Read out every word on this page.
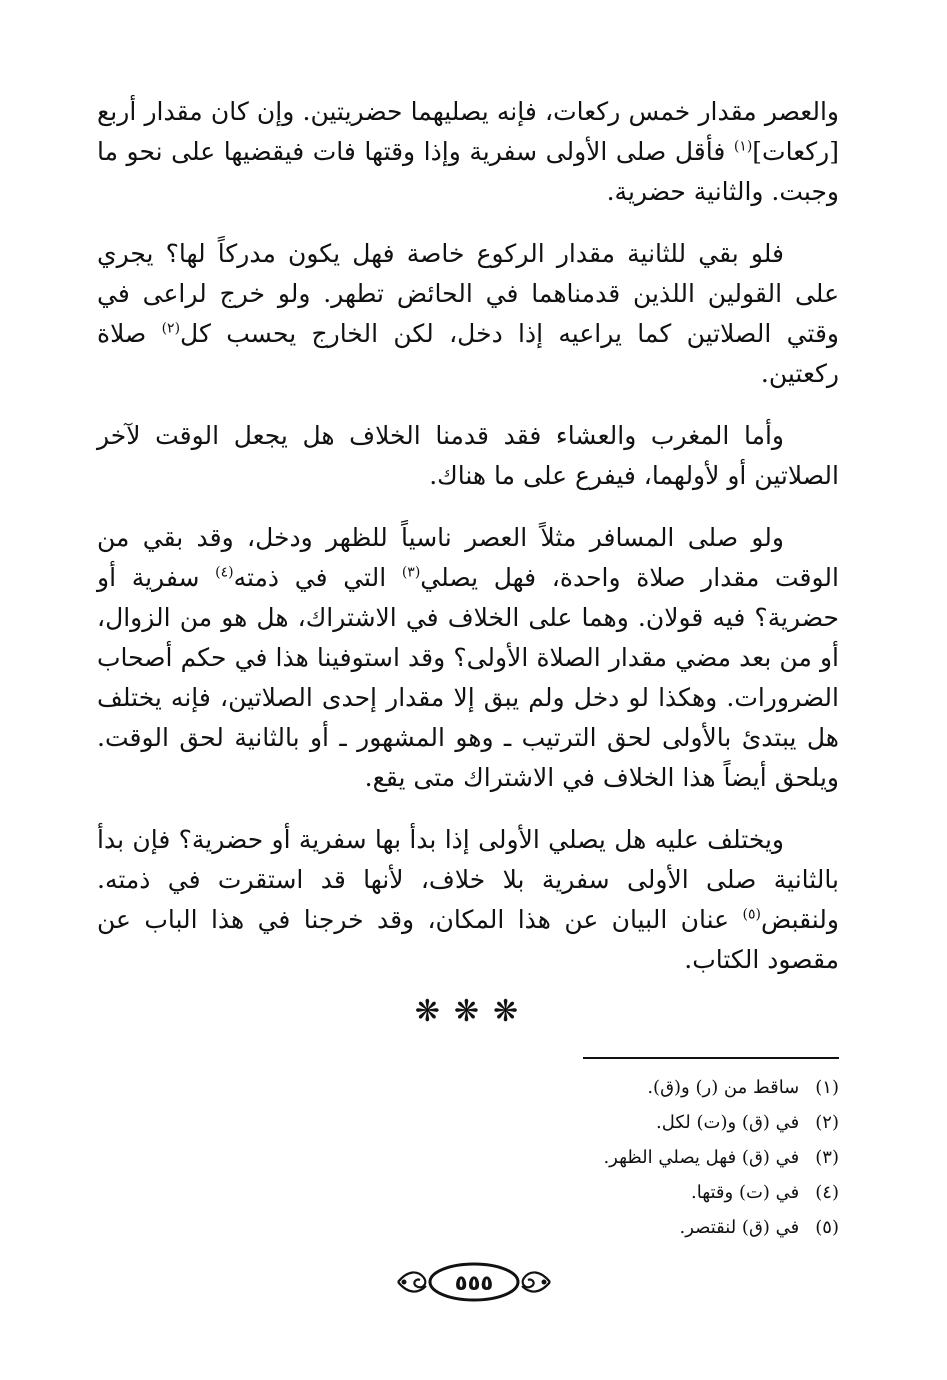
والعصر مقدار خمس ركعات، فإنه يصليهما حضريتين. وإن كان مقدار أربع [ركعات]$^{(١)}$ فأقل صلى الأولى سفرية وإذا وقتها فات فيقضيها على نحو ما وجبت. والثانية حضرية.

فلو بقي للثانية مقدار الركوع خاصة فهل يكون مدركاً لها؟ يجري على القولين اللذين قدمناهما في الحائض تطهر. ولو خرج لراعى في وقتي الصلاتين كما يراعيه إذا دخل، لكن الخارج يحسب كل$^{(٢)}$ صلاة ركعتين.

وأما المغرب والعشاء فقد قدمنا الخلاف هل يجعل الوقت لآخر الصلاتين أو لأولهما، فيفرع على ما هناك.

ولو صلى المسافر مثلاً العصر ناسياً للظهر ودخل، وقد بقي من الوقت مقدار صلاة واحدة، فهل يصلي$^{(٣)}$ التي في ذمته$^{(٤)}$ سفرية أو حضرية؟ فيه قولان. وهما على الخلاف في الاشتراك، هل هو من الزوال، أو من بعد مضي مقدار الصلاة الأولى؟ وقد استوفينا هذا في حكم أصحاب الضرورات. وهكذا لو دخل ولم يبق إلا مقدار إحدى الصلاتين، فإنه يختلف هل يبتدئ بالأولى لحق الترتيب ـ وهو المشهور ـ أو بالثانية لحق الوقت. ويلحق أيضاً هذا الخلاف في الاشتراك متى يقع.

ويختلف عليه هل يصلي الأولى إذا بدأ بها سفرية أو حضرية؟ فإن بدأ بالثانية صلى الأولى سفرية بلا خلاف، لأنها قد استقرت في ذمته. ولنقبض$^{(٥)}$ عنان البيان عن هذا المكان، وقد خرجنا في هذا الباب عن مقصود الكتاب.

❋❋❋
(١) ساقط من (ر) و(ق).
(٢) في (ق) و(ت) لكل.
(٣) في (ق) فهل يصلي الظهر.
(٤) في (ت) وقتها.
(٥) في (ق) لنقتصر.
٥٥٥
